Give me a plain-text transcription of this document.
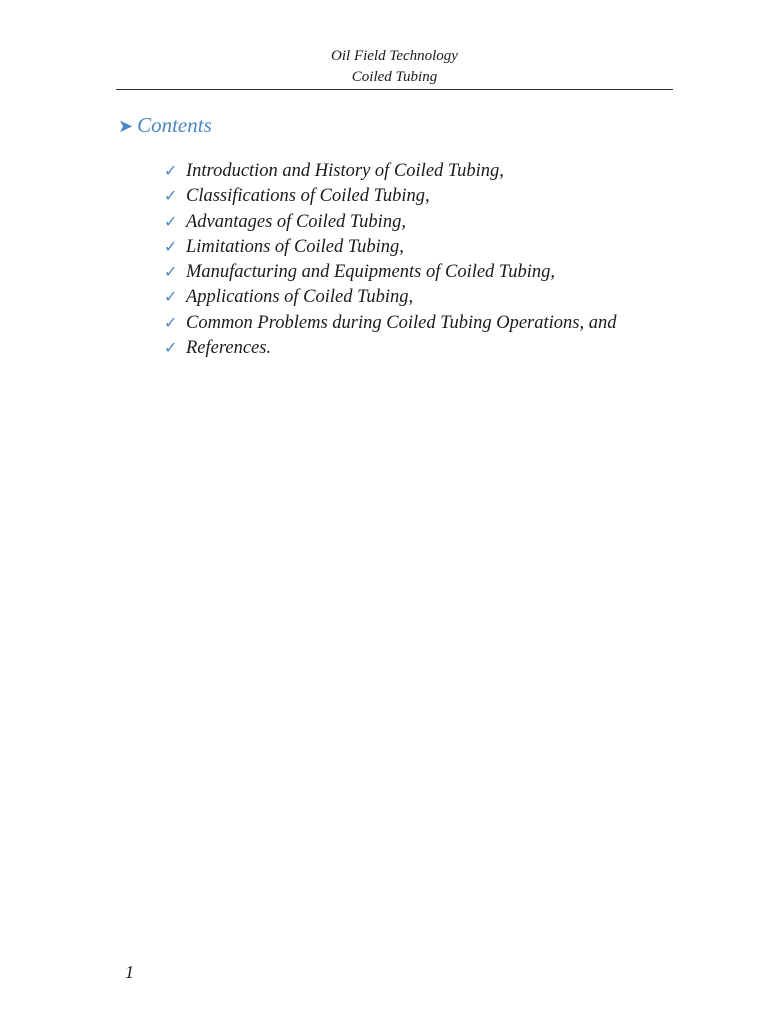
Oil Field Technology
Coiled Tubing
➤ Contents
✓ Introduction and History of Coiled Tubing,
✓ Classifications of Coiled Tubing,
✓ Advantages of Coiled Tubing,
✓ Limitations of Coiled Tubing,
✓ Manufacturing and Equipments of Coiled Tubing,
✓ Applications of Coiled Tubing,
✓ Common Problems during Coiled Tubing Operations, and
✓ References.
1
